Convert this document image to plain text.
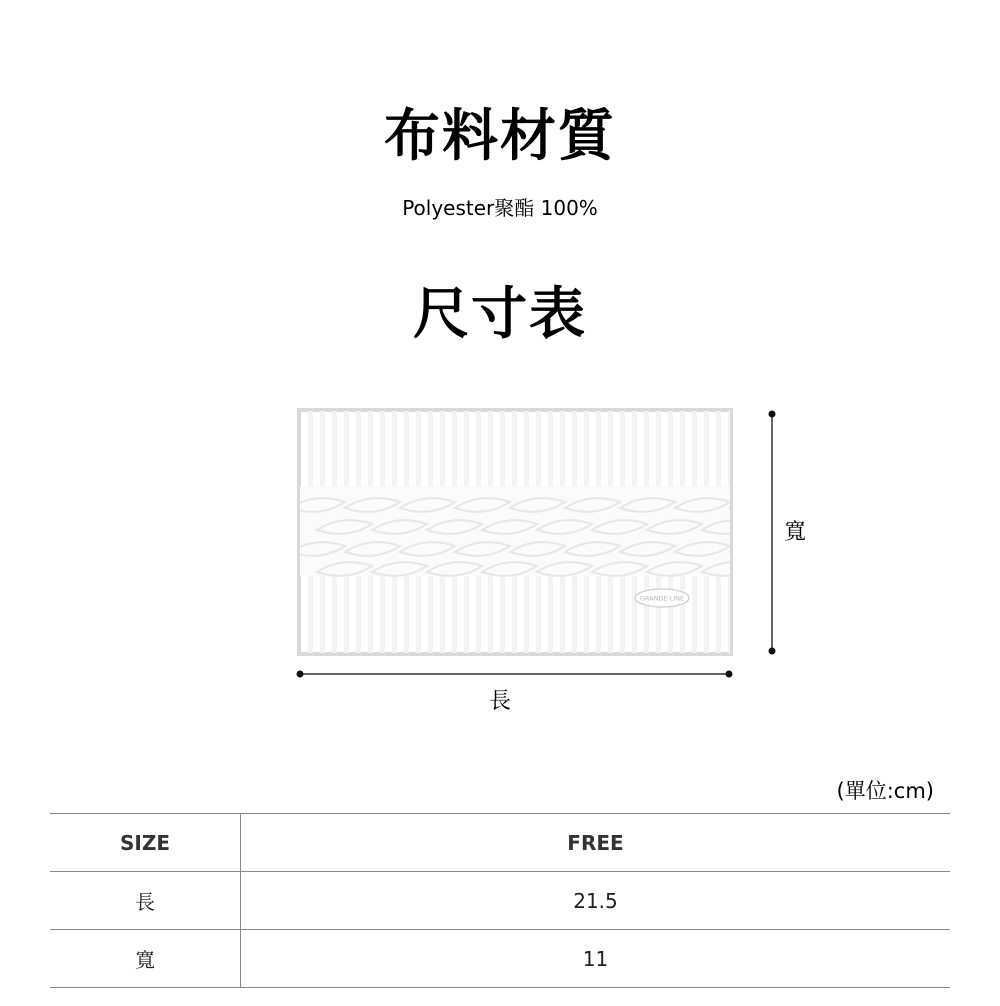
布料材質
Polyester聚酯 100%
尺寸表
GRANDE LINE
長
寬
(單位:cm)
SIZE	FREE
長	21.5
寬	11
